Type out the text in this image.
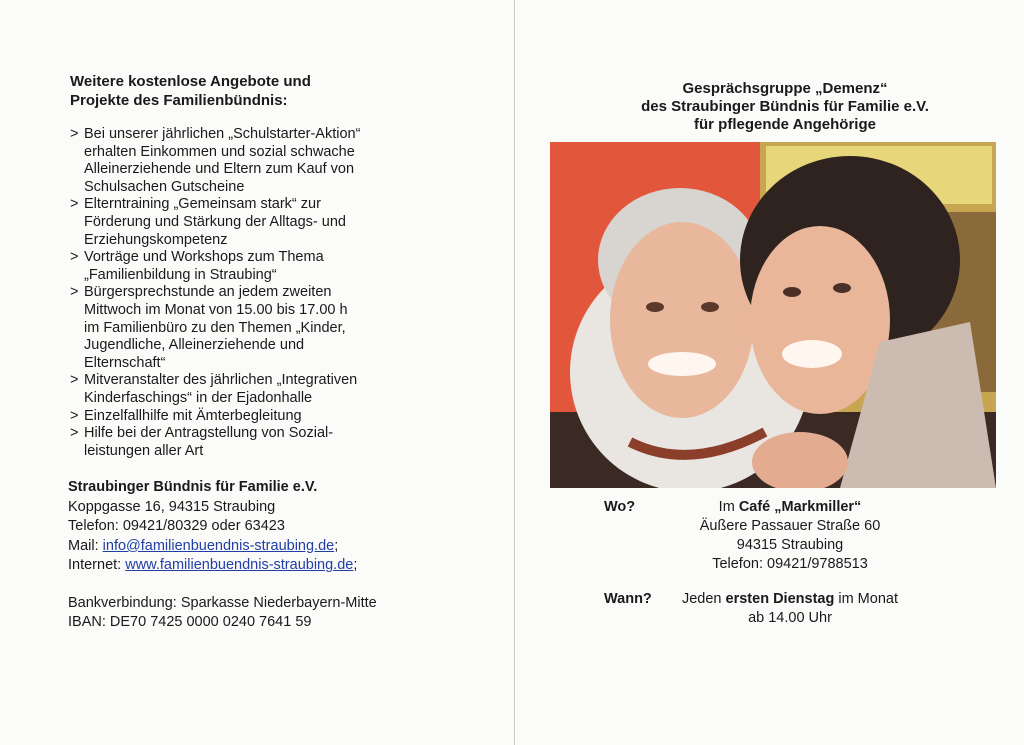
Weitere kostenlose Angebote und
Projekte des Familienbündnis:
> Bei unserer jährlichen „Schulstarter-Aktion“
erhalten Einkommen und sozial schwache
Alleinerziehende und Eltern zum Kauf von
Schulsachen Gutscheine
> Elterntraining „Gemeinsam stark“ zur
Förderung und Stärkung der Alltags- und
Erziehungskompetenz
> Vorträge und Workshops zum Thema
„Familienbildung in Straubing“
> Bürgersprechstunde an jedem zweiten
Mittwoch im Monat von 15.00 bis 17.00 h
im Familienbüro zu den Themen „Kinder,
Jugendliche, Alleinerziehende und
Elternschaft“
> Mitveranstalter des jährlichen „Integrativen
Kinderfaschings“ in der Ejadonhalle
> Einzelfallhilfe mit Ämterbegleitung
> Hilfe bei der Antragstellung von Sozial-
leistungen aller Art
Straubinger Bündnis für Familie e.V.
Koppgasse 16, 94315 Straubing
Telefon: 09421/80329 oder 63423
Mail: info@familienbuendnis-straubing.de;
Internet: www.familienbuendnis-straubing.de;
Bankverbindung: Sparkasse Niederbayern-Mitte
IBAN: DE70 7425 0000 0240 7641 59
Gesprächsgruppe „Demenz“
des Straubinger Bündnis für Familie e.V.
für pflegende Angehörige
Wo?	Im Café „Markmiller“
Äußere Passauer Straße 60
94315 Straubing
Telefon: 09421/9788513
Wann?	Jeden ersten Dienstag im Monat
ab 14.00 Uhr
